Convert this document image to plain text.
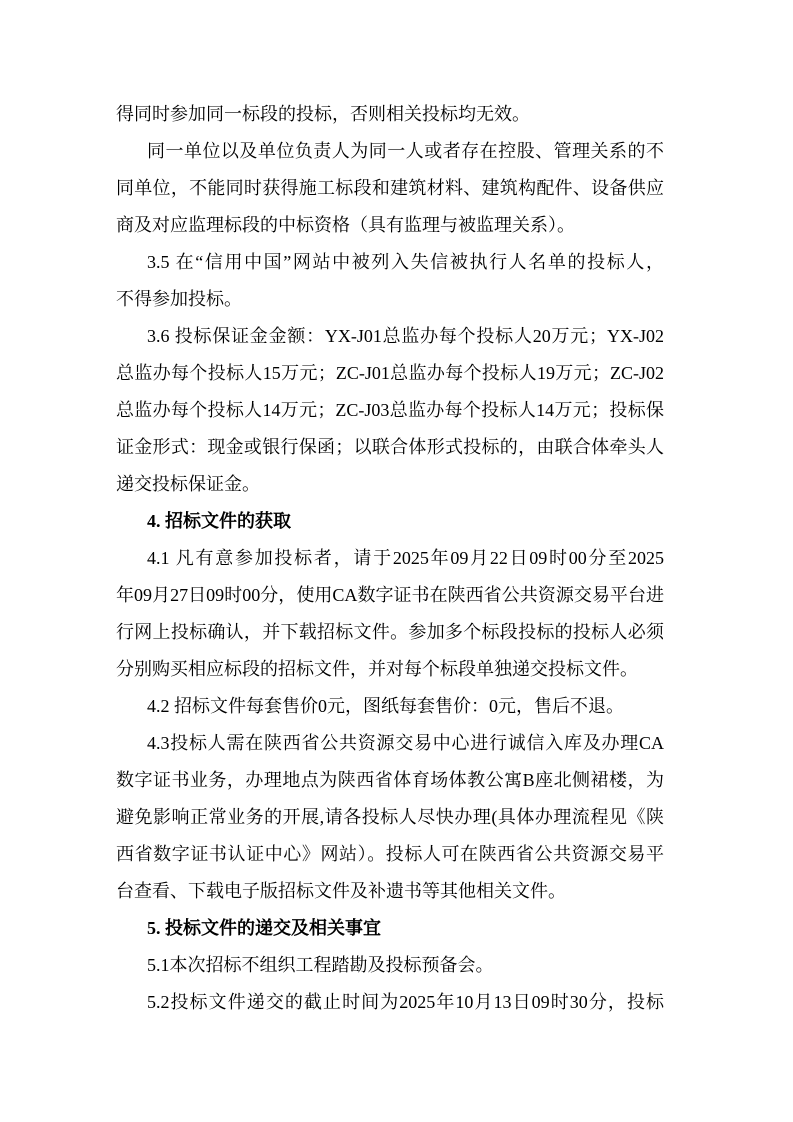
得同时参加同一标段的投标，否则相关投标均无效。
同一单位以及单位负责人为同一人或者存在控股、管理关系的不
同单位，不能同时获得施工标段和建筑材料、建筑构配件、设备供应
商及对应监理标段的中标资格（具有监理与被监理关系）。
3.5 在“信用中国”网站中被列入失信被执行人名单的投标人，
不得参加投标。
3.6 投标保证金金额：YX-J01总监办每个投标人20万元；YX-J02
总监办每个投标人15万元；ZC-J01总监办每个投标人19万元；ZC-J02
总监办每个投标人14万元；ZC-J03总监办每个投标人14万元；投标保
证金形式：现金或银行保函；以联合体形式投标的，由联合体牵头人
递交投标保证金。
4. 招标文件的获取
4.1 凡有意参加投标者，请于2025年09月22日09时00分至2025
年09月27日09时00分，使用CA数字证书在陕西省公共资源交易平台进
行网上投标确认，并下载招标文件。参加多个标段投标的投标人必须
分别购买相应标段的招标文件，并对每个标段单独递交投标文件。
4.2 招标文件每套售价0元，图纸每套售价：0元，售后不退。
4.3投标人需在陕西省公共资源交易中心进行诚信入库及办理CA
数字证书业务，办理地点为陕西省体育场体教公寓B座北侧裙楼，为
避免影响正常业务的开展,请各投标人尽快办理(具体办理流程见《陕
西省数字证书认证中心》网站）。投标人可在陕西省公共资源交易平
台查看、下载电子版招标文件及补遗书等其他相关文件。
5. 投标文件的递交及相关事宜
5.1本次招标不组织工程踏勘及投标预备会。
5.2投标文件递交的截止时间为2025年10月13日09时30分，投标
